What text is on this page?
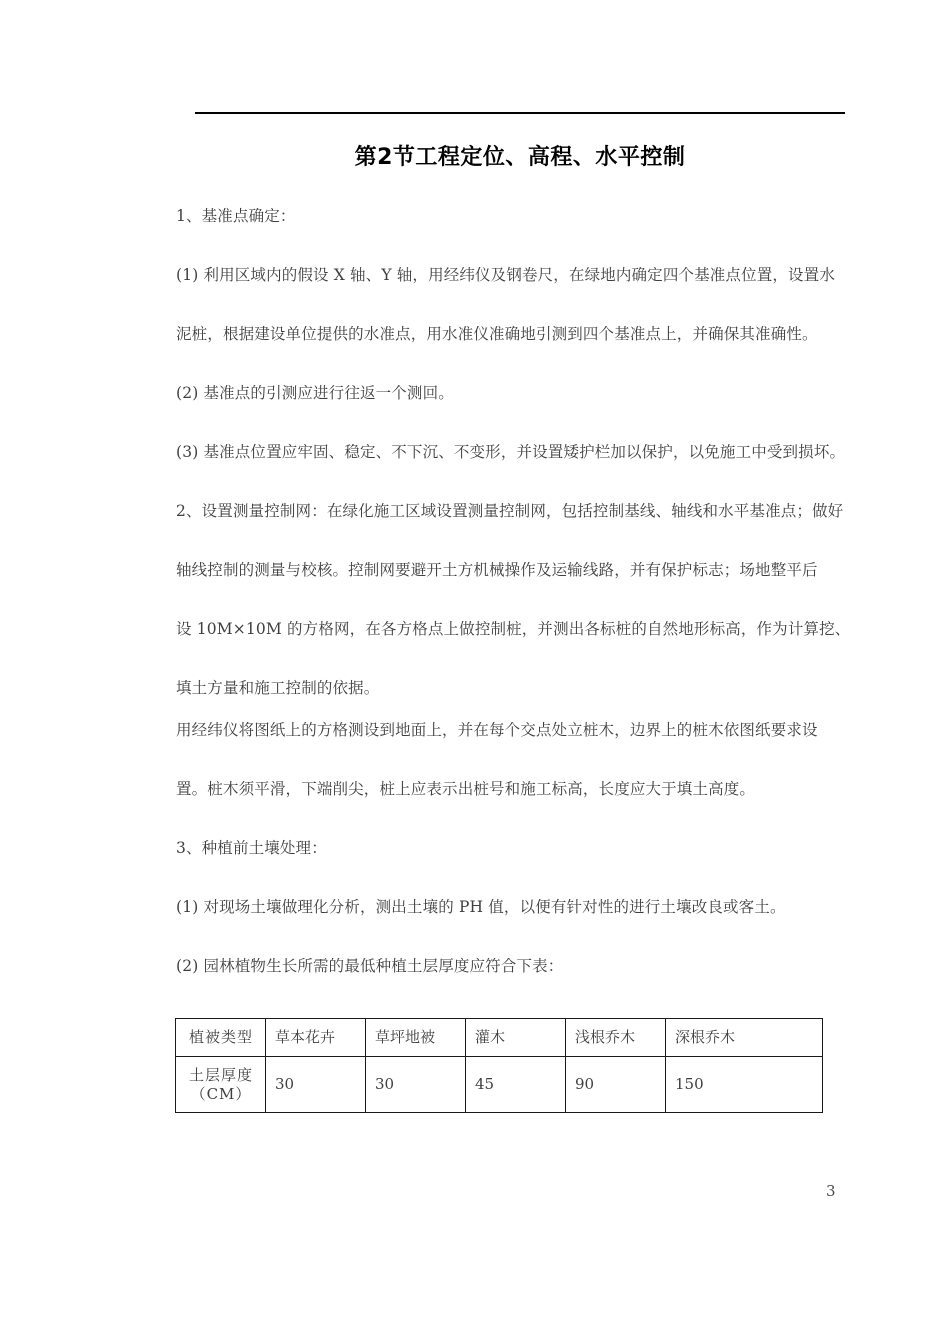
第2节工程定位、高程、水平控制
1、基准点确定：
(1) 利用区域内的假设 X 轴、Y 轴，用经纬仪及钢卷尺，在绿地内确定四个基准点位置，设置水
泥桩，根据建设单位提供的水准点，用水准仪准确地引测到四个基准点上，并确保其准确性。
(2) 基准点的引测应进行往返一个测回。
(3) 基准点位置应牢固、稳定、不下沉、不变形，并设置矮护栏加以保护，以免施工中受到损坏。
2、设置测量控制网：在绿化施工区域设置测量控制网，包括控制基线、轴线和水平基准点；做好
轴线控制的测量与校核。控制网要避开土方机械操作及运输线路，并有保护标志；场地整平后
设 10M×10M 的方格网，在各方格点上做控制桩，并测出各标桩的自然地形标高，作为计算挖、
填土方量和施工控制的依据。
用经纬仪将图纸上的方格测设到地面上，并在每个交点处立桩木，边界上的桩木依图纸要求设
置。桩木须平滑，下端削尖，桩上应表示出桩号和施工标高，长度应大于填土高度。
3、种植前土壤处理：
(1) 对现场土壤做理化分析，测出土壤的 PH 值，以便有针对性的进行土壤改良或客土。
(2) 园林植物生长所需的最低种植土层厚度应符合下表：
植被类型	草本花卉	草坪地被	灌木	浅根乔木	深根乔木

土层厚度
（CM）	30	30	45	90	150
3
